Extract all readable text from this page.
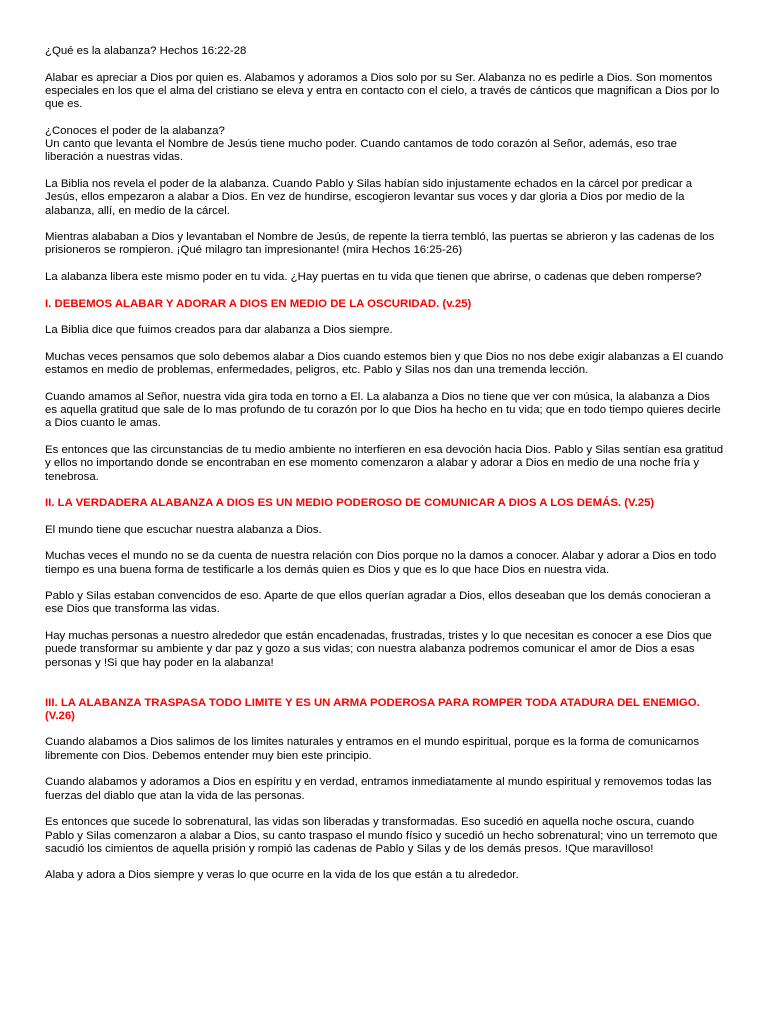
¿Qué es la alabanza? Hechos 16:22-28
Alabar es apreciar a Dios por quien es. Alabamos y adoramos a Dios solo por su Ser. Alabanza no es pedirle a Dios. Son momentos especiales en los que el alma del cristiano se eleva y entra en contacto con el cielo, a través de cánticos que magnifican a Dios por lo que es.
¿Conoces el poder de la alabanza?
Un canto que levanta el Nombre de Jesús tiene mucho poder. Cuando cantamos de todo corazón al Señor, además, eso trae liberación a nuestras vidas.
La Biblia nos revela el poder de la alabanza. Cuando Pablo y Silas habían sido injustamente echados en la cárcel por predicar a Jesús, ellos empezaron a alabar a Dios. En vez de hundirse, escogieron levantar sus voces y dar gloria a Dios por medio de la alabanza, allí, en medio de la cárcel.
Mientras alababan a Dios y levantaban el Nombre de Jesús, de repente la tierra tembló, las puertas se abrieron y las cadenas de los prisioneros se rompieron. ¡Qué milagro tan impresionante! (mira Hechos 16:25-26)
La alabanza libera este mismo poder en tu vida. ¿Hay puertas en tu vida que tienen que abrirse, o cadenas que deben romperse?
I. DEBEMOS ALABAR Y ADORAR A DIOS EN MEDIO DE LA OSCURIDAD. (v.25)
La Biblia dice que fuimos creados para dar alabanza a Dios siempre.
Muchas veces pensamos que solo debemos alabar a Dios cuando estemos bien y que Dios no nos debe exigir alabanzas a El cuando estamos en medio de problemas, enfermedades, peligros, etc. Pablo y Silas nos dan una tremenda lección.
Cuando amamos al Señor, nuestra vida gira toda en torno a El. La alabanza a Dios no tiene que ver con música, la alabanza a Dios es aquella gratitud que sale de lo mas profundo de tu corazón por lo que Dios ha hecho en tu vida; que en todo tiempo quieres decirle a Dios cuanto le amas.
Es entonces que las circunstancias de tu medio ambiente no interfieren en esa devoción hacia Dios. Pablo y Silas sentían esa gratitud y ellos no importando donde se encontraban en ese momento comenzaron a alabar y adorar a Dios en medio de una noche fría y tenebrosa.
II. LA VERDADERA ALABANZA A DIOS ES UN MEDIO PODEROSO DE COMUNICAR A DIOS A LOS DEMÁS. (V.25)
El mundo tiene que escuchar nuestra alabanza a Dios.
Muchas veces el mundo no se da cuenta de nuestra relación con Dios porque no la damos a conocer. Alabar y adorar a Dios en todo tiempo es una buena forma de testificarle a los demás quien es Dios y que es lo que hace Dios en nuestra vida.
Pablo y Silas estaban convencidos de eso. Aparte de que ellos querían agradar a Dios, ellos deseaban que los demás conocieran a ese Dios que transforma las vidas.
Hay muchas personas a nuestro alrededor que están encadenadas, frustradas, tristes y lo que necesitan es conocer a ese Dios que puede transformar su ambiente y dar paz y gozo a sus vidas; con nuestra alabanza podremos comunicar el amor de Dios a esas personas y !Si que hay poder en la alabanza!
III. LA ALABANZA TRASPASA TODO LIMITE Y ES UN ARMA PODEROSA PARA ROMPER TODA ATADURA DEL ENEMIGO. (V.26)
Cuando alabamos a Dios salimos de los limites naturales y entramos en el mundo espiritual, porque es la forma de comunicarnos libremente con Dios. Debemos entender muy bien este principio.
Cuando alabamos y adoramos a Dios en espíritu y en verdad, entramos inmediatamente al mundo espiritual y removemos todas las fuerzas del diablo que atan la vida de las personas.
Es entonces que sucede lo sobrenatural, las vidas son liberadas y transformadas. Eso sucedió en aquella noche oscura, cuando Pablo y Silas comenzaron a alabar a Dios, su canto traspaso el mundo físico y sucedió un hecho sobrenatural; vino un terremoto que sacudió los cimientos de aquella prisión y rompió las cadenas de Pablo y Silas y de los demás presos. !Que maravilloso!
Alaba y adora a Dios siempre y veras lo que ocurre en la vida de los que están a tu alrededor.
